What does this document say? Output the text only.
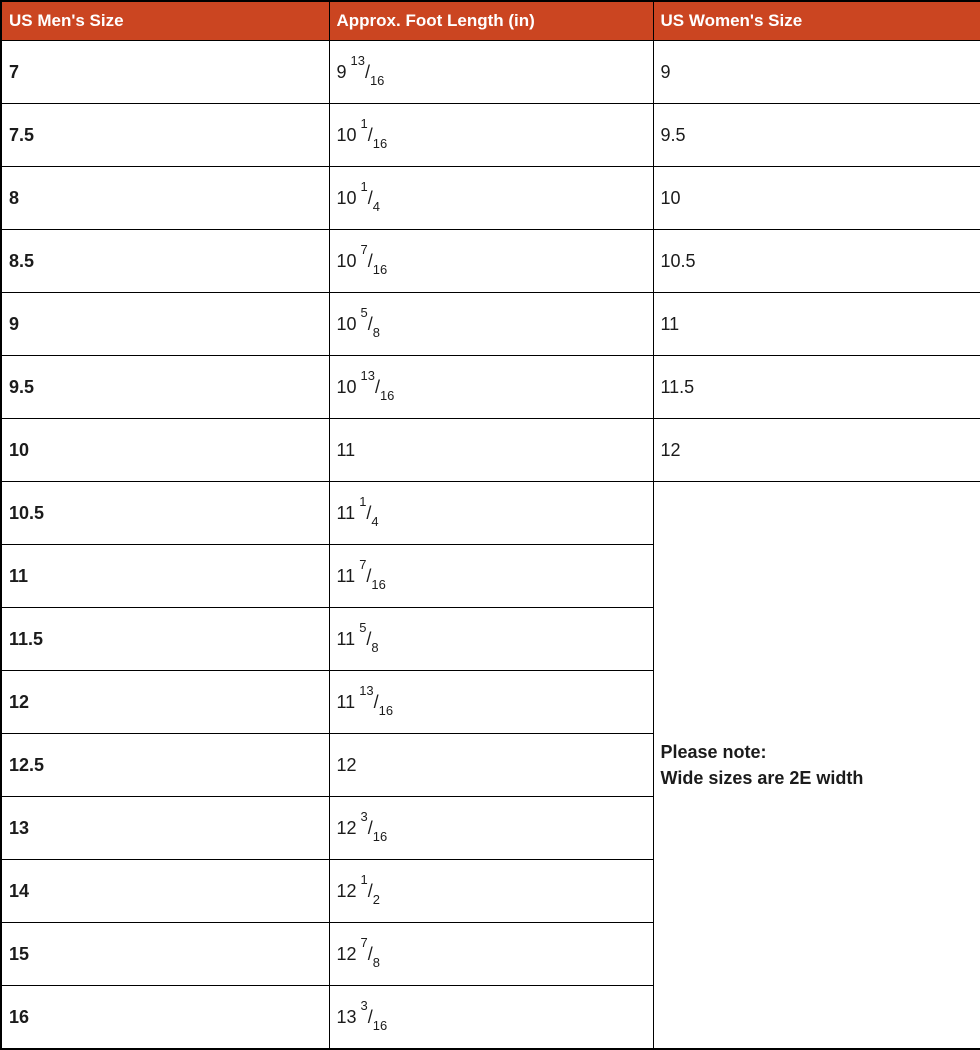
US Men's Size	Approx. Foot Length (in)	US Women's Size
7	$9^{13}/_{16}$	9
7.5	$10^1/_{16}$	9.5
8	$10^1/_4$	10
8.5	$10^7/_{16}$	10.5
9	$10^5/_8$	11
9.5	$10^{13}/_{16}$	11.5
10	11	12
10.5	$11^1/_4$	Please note:
Wide sizes are 2E width

11	$11^7/_{16}$
11.5	$11^5/_8$
12	$11^{13}/_{16}$
12.5	12	
13	$12^3/_{16}$
14	$12^1/_2$
15	$12^7/_8$
16	$13^3/_{16}$
